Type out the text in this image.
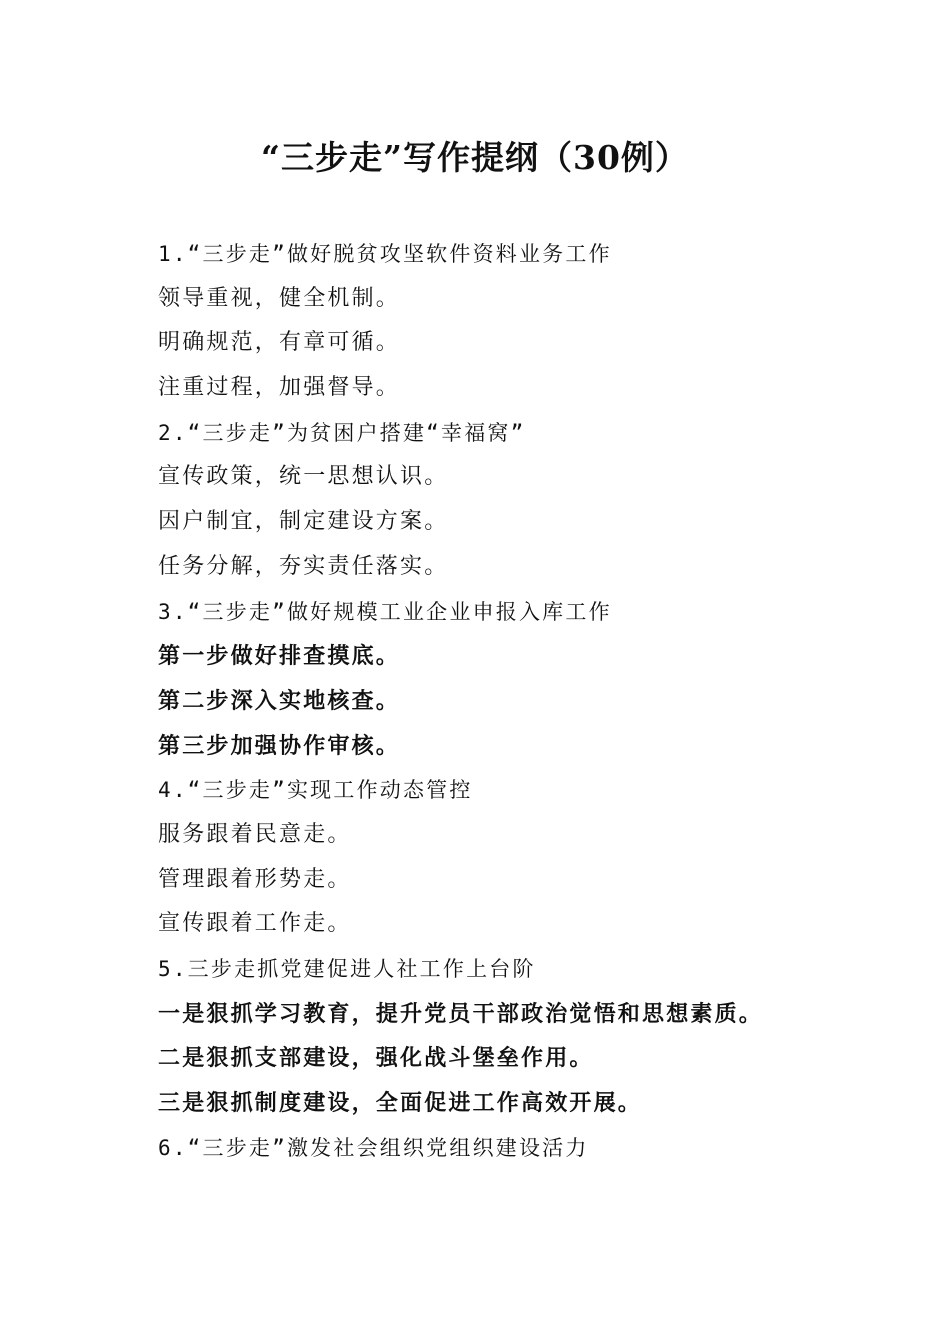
“三步走”写作提纲（30例）
1.“三步走”做好脱贫攻坚软件资料业务工作
领导重视，健全机制。
明确规范，有章可循。
注重过程，加强督导。
2.“三步走”为贫困户搭建“幸福窝”
宣传政策，统一思想认识。
因户制宜，制定建设方案。
任务分解，夯实责任落实。
3.“三步走”做好规模工业企业申报入库工作
第一步做好排查摸底。
第二步深入实地核查。
第三步加强协作审核。
4.“三步走”实现工作动态管控
服务跟着民意走。
管理跟着形势走。
宣传跟着工作走。
5.三步走抓党建促进人社工作上台阶
一是狠抓学习教育，提升党员干部政治觉悟和思想素质。
二是狠抓支部建设，强化战斗堡垒作用。
三是狠抓制度建设，全面促进工作高效开展。
6.“三步走”激发社会组织党组织建设活力
